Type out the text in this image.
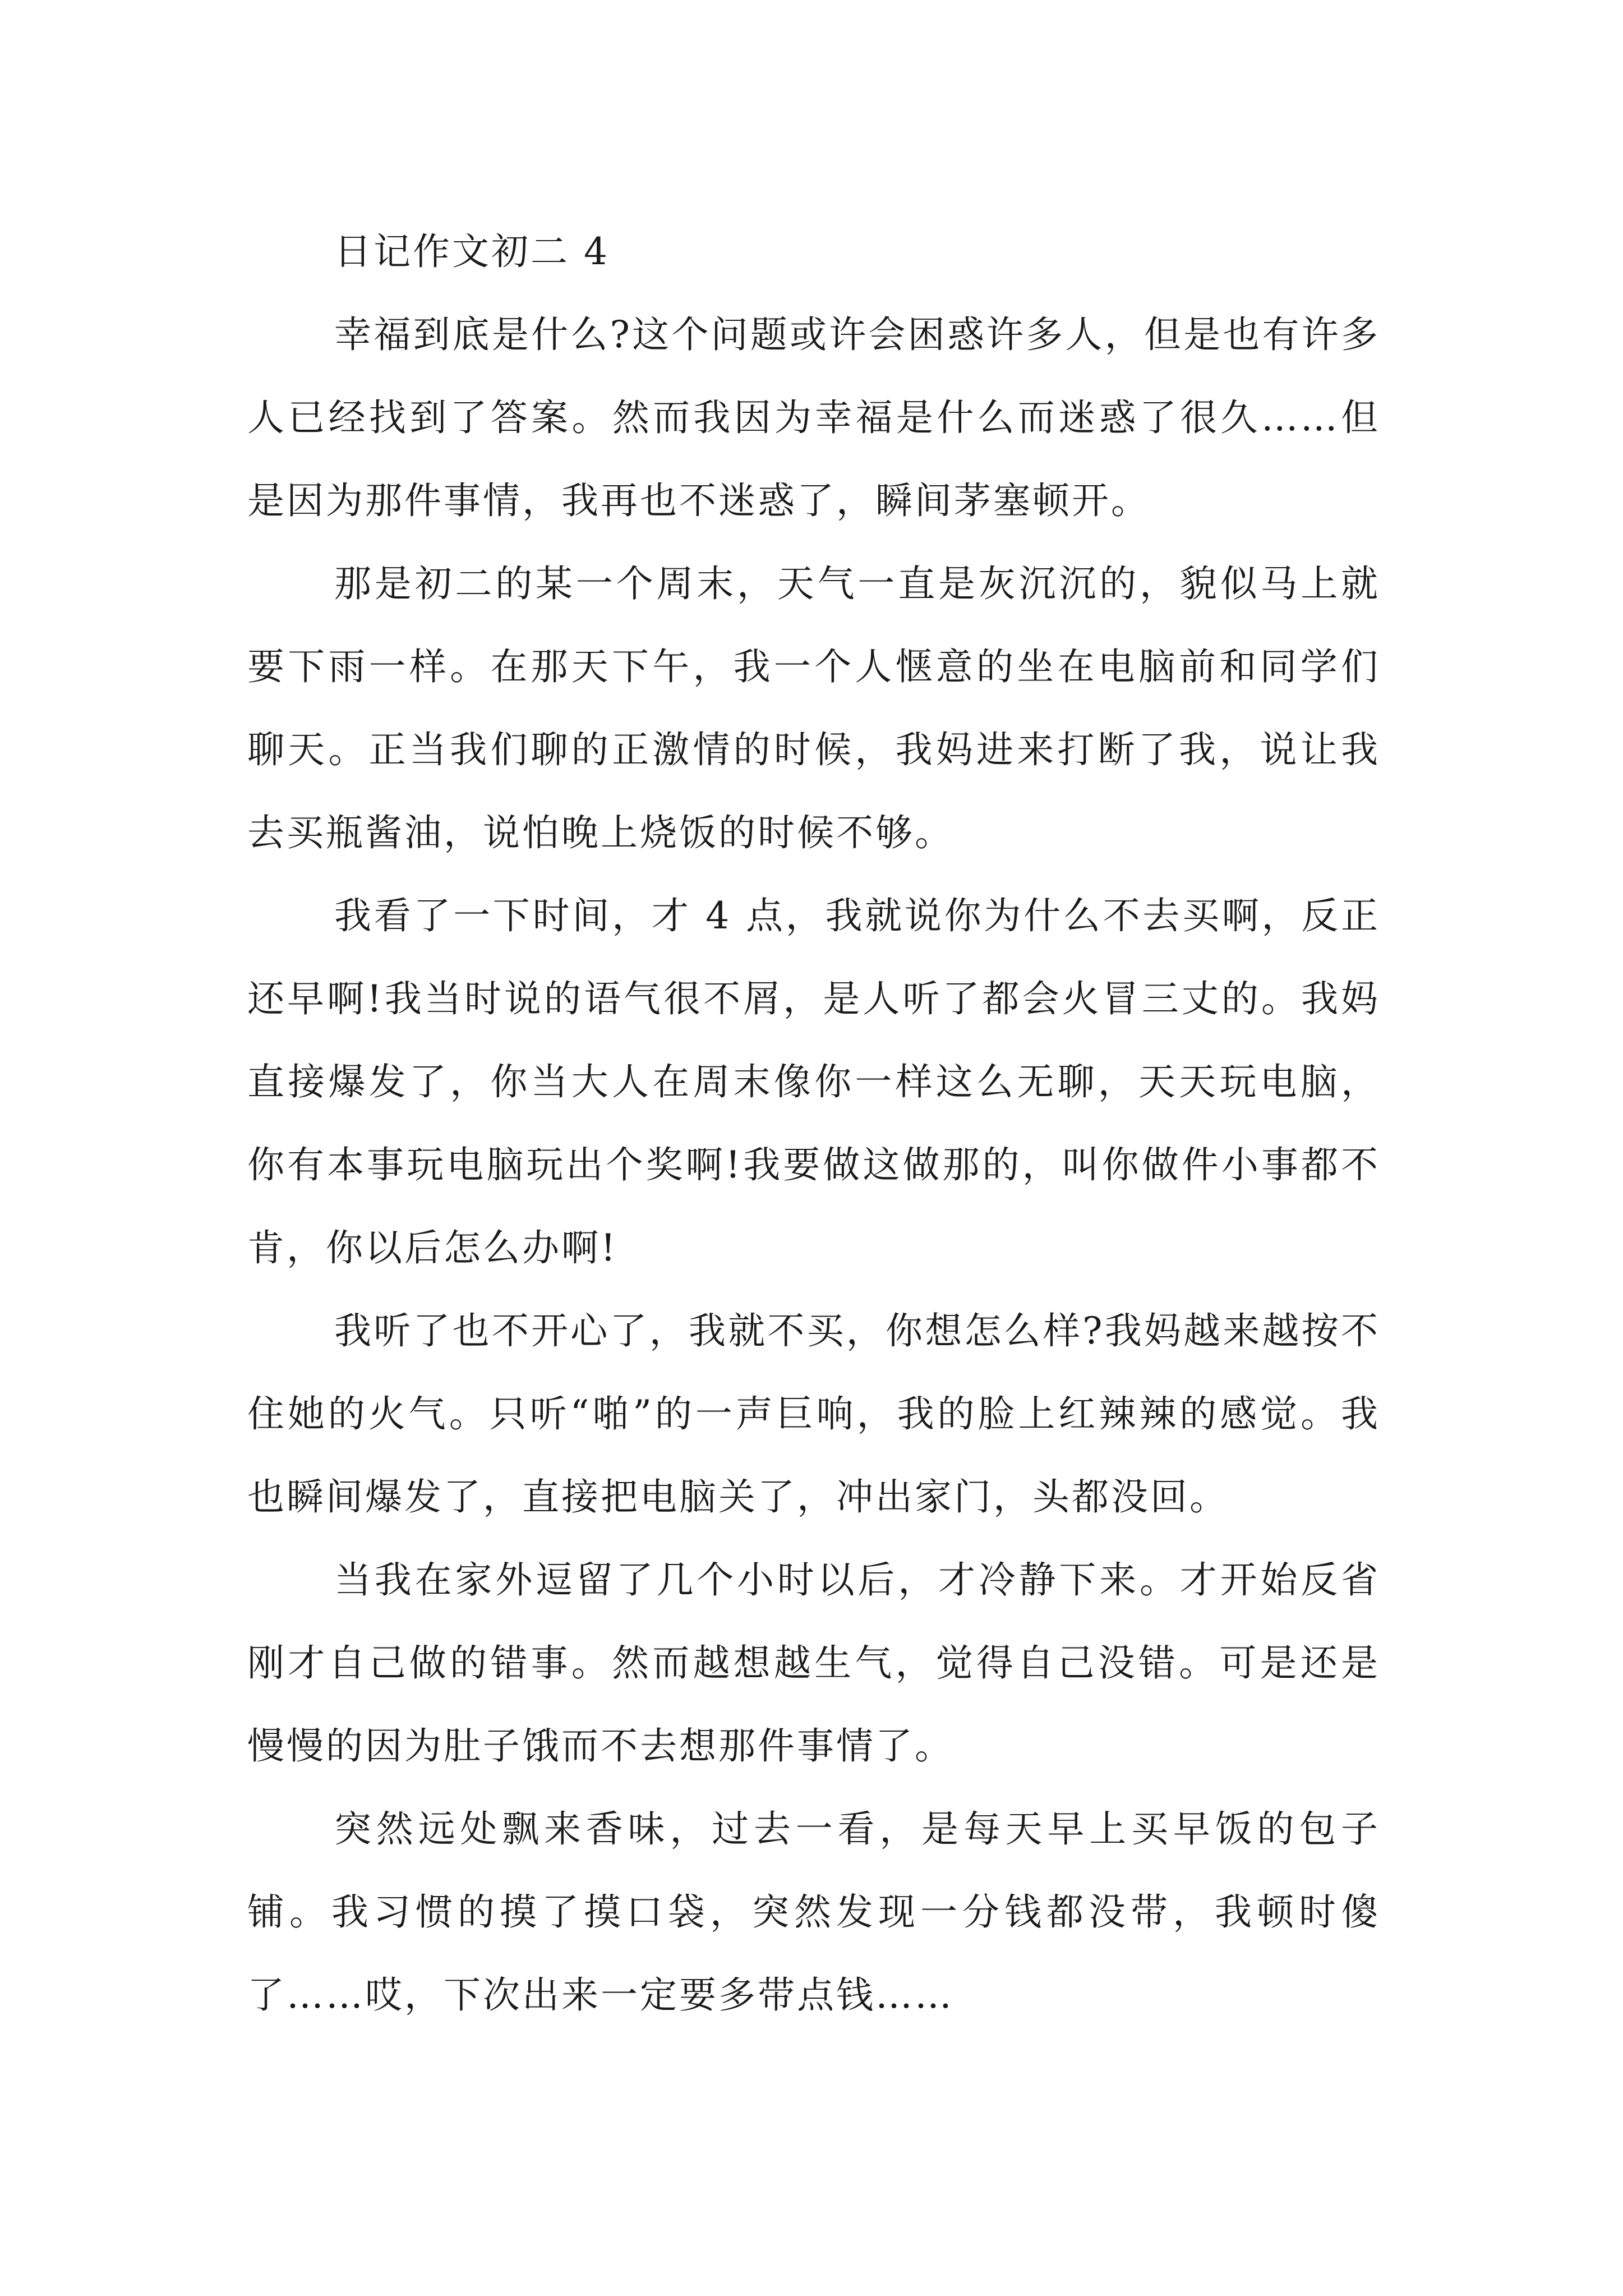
日记作文初二 4

幸福到底是什么?这个问题或许会困惑许多人，但是也有许多人已经找到了答案。然而我因为幸福是什么而迷惑了很久……但是因为那件事情，我再也不迷惑了，瞬间茅塞顿开。

那是初二的某一个周末，天气一直是灰沉沉的，貌似马上就要下雨一样。在那天下午，我一个人惬意的坐在电脑前和同学们聊天。正当我们聊的正激情的时候，我妈进来打断了我，说让我去买瓶酱油，说怕晚上烧饭的时候不够。

我看了一下时间，才 4 点，我就说你为什么不去买啊，反正还早啊!我当时说的语气很不屑，是人听了都会火冒三丈的。我妈直接爆发了，你当大人在周末像你一样这么无聊，天天玩电脑，你有本事玩电脑玩出个奖啊!我要做这做那的，叫你做件小事都不肯，你以后怎么办啊!

我听了也不开心了，我就不买，你想怎么样?我妈越来越按不住她的火气。只听“啪”的一声巨响，我的脸上红辣辣的感觉。我也瞬间爆发了，直接把电脑关了，冲出家门，头都没回。

当我在家外逗留了几个小时以后，才冷静下来。才开始反省刚才自己做的错事。然而越想越生气，觉得自己没错。可是还是慢慢的因为肚子饿而不去想那件事情了。

突然远处飘来香味，过去一看，是每天早上买早饭的包子铺。我习惯的摸了摸口袋，突然发现一分钱都没带，我顿时傻了……哎，下次出来一定要多带点钱……
